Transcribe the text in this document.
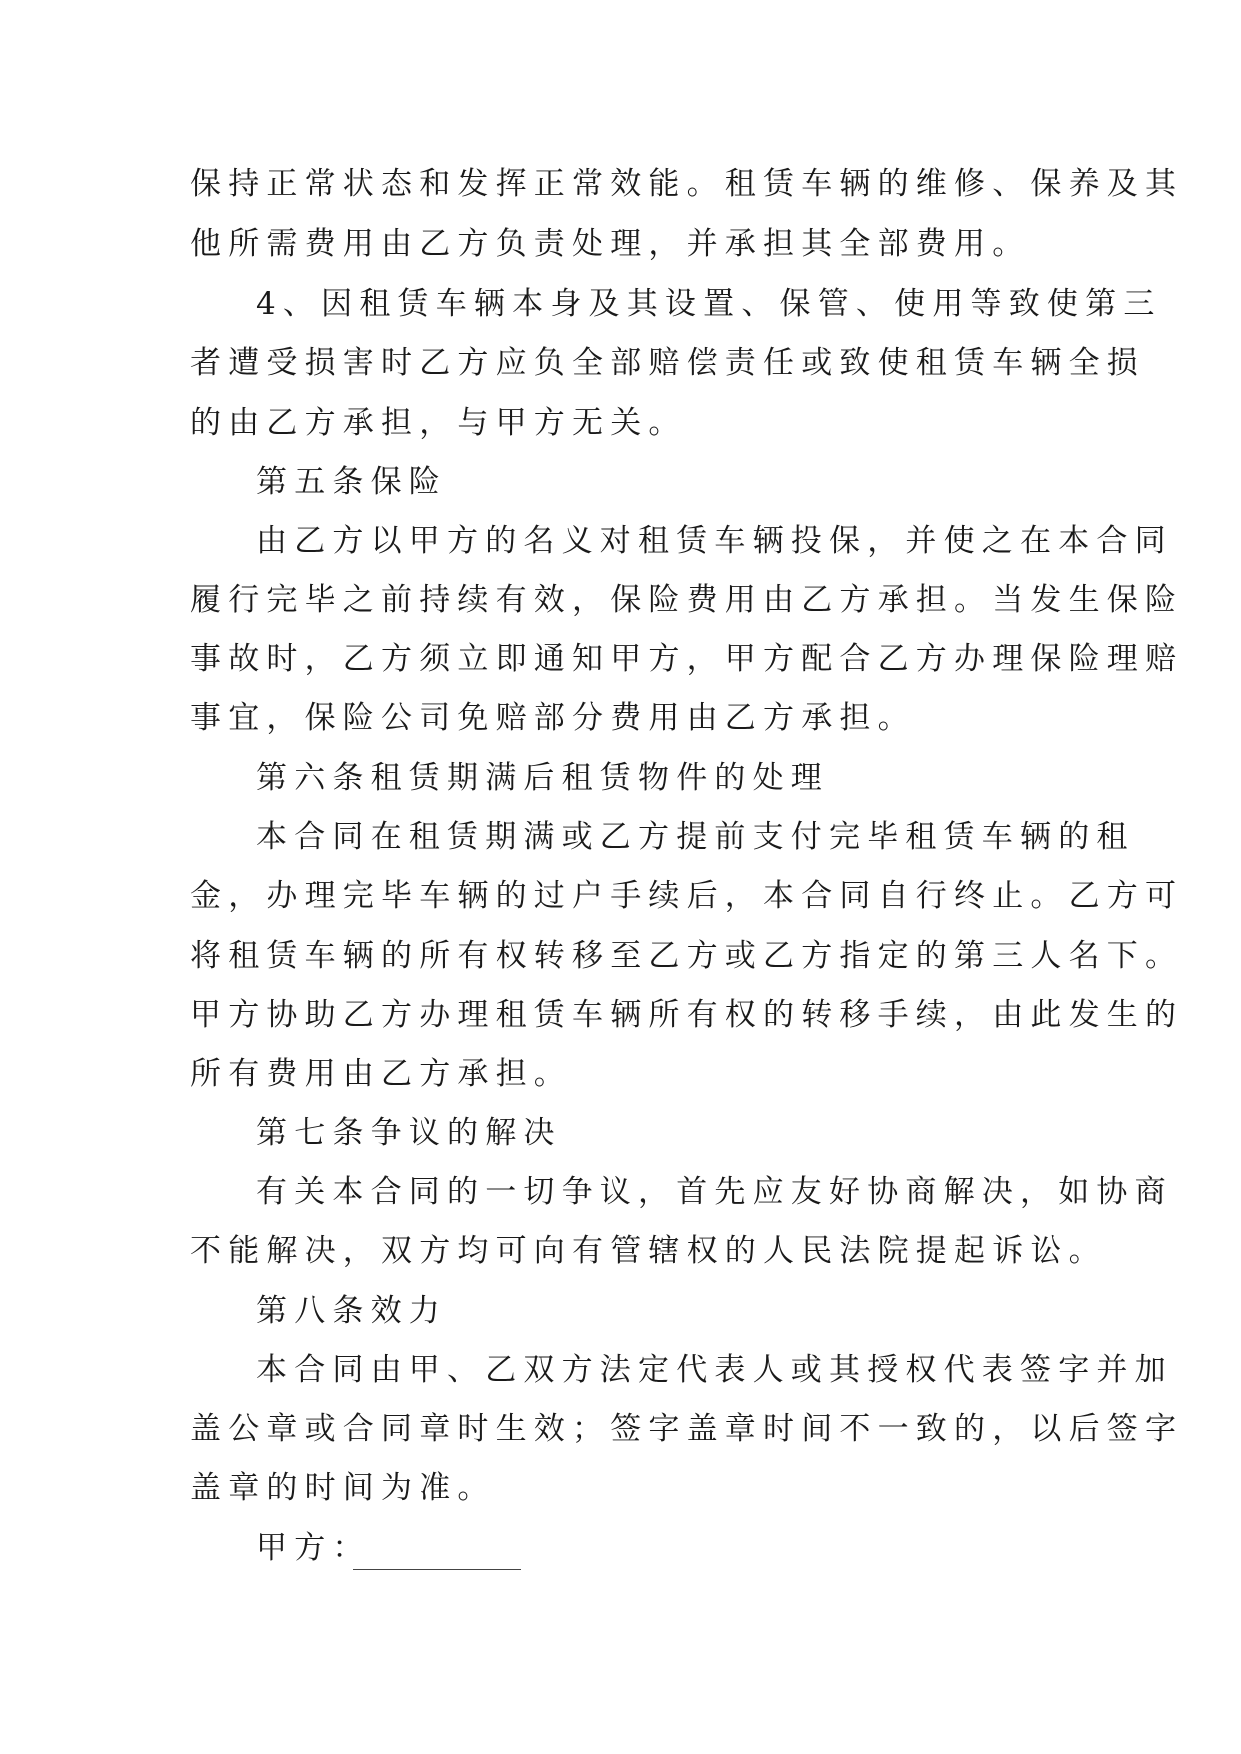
保持正常状态和发挥正常效能。租赁车辆的维修、保养及其
他所需费用由乙方负责处理，并承担其全部费用。
4、因租赁车辆本身及其设置、保管、使用等致使第三
者遭受损害时乙方应负全部赔偿责任或致使租赁车辆全损
的由乙方承担，与甲方无关。
第五条保险
由乙方以甲方的名义对租赁车辆投保，并使之在本合同
履行完毕之前持续有效，保险费用由乙方承担。当发生保险
事故时，乙方须立即通知甲方，甲方配合乙方办理保险理赔
事宜，保险公司免赔部分费用由乙方承担。
第六条租赁期满后租赁物件的处理
本合同在租赁期满或乙方提前支付完毕租赁车辆的租
金，办理完毕车辆的过户手续后，本合同自行终止。乙方可
将租赁车辆的所有权转移至乙方或乙方指定的第三人名下。
甲方协助乙方办理租赁车辆所有权的转移手续，由此发生的
所有费用由乙方承担。
第七条争议的解决
有关本合同的一切争议，首先应友好协商解决，如协商
不能解决，双方均可向有管辖权的人民法院提起诉讼。
第八条效力
本合同由甲、乙双方法定代表人或其授权代表签字并加
盖公章或合同章时生效；签字盖章时间不一致的，以后签字
盖章的时间为准。
甲方：
